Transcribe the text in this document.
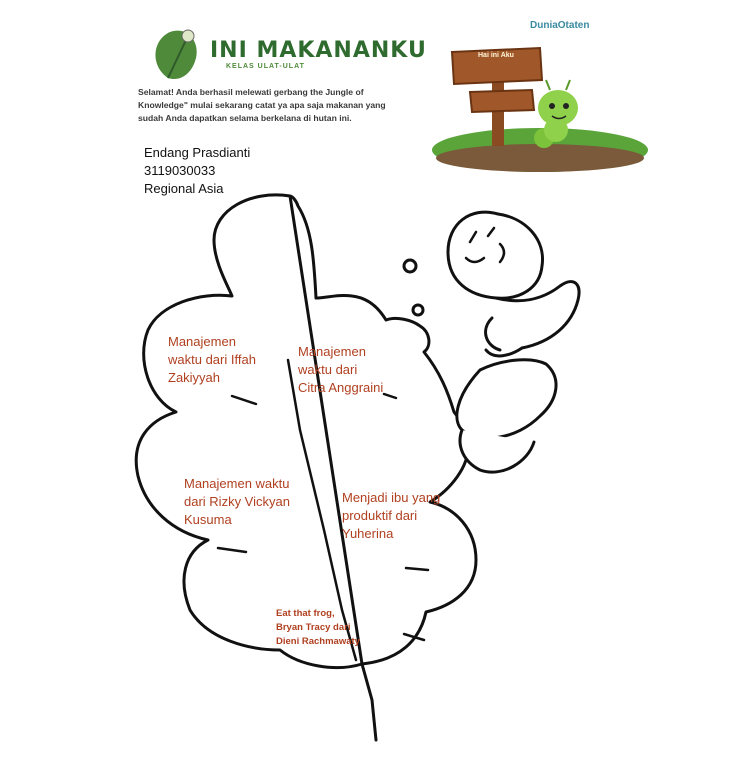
INI MAKANANKU
KELAS ULAT-ULAT
DuniaOtaten
Hai ini Aku
Selamat! Anda berhasil melewati gerbang the Jungle of Knowledge" mulai sekarang catat ya apa saja makanan yang sudah Anda dapatkan selama berkelana di hutan ini.
Endang Prasdianti
3119030033
Regional Asia
Manajemen
waktu dari Iffah
Zakiyyah
Manajemen
waktu dari
Citra Anggraini
Manajemen waktu
dari Rizky Vickyan
Kusuma
Menjadi ibu yang
produktif dari
Yuherina
Eat that frog,
Bryan Tracy dari
Dieni Rachmawaty
